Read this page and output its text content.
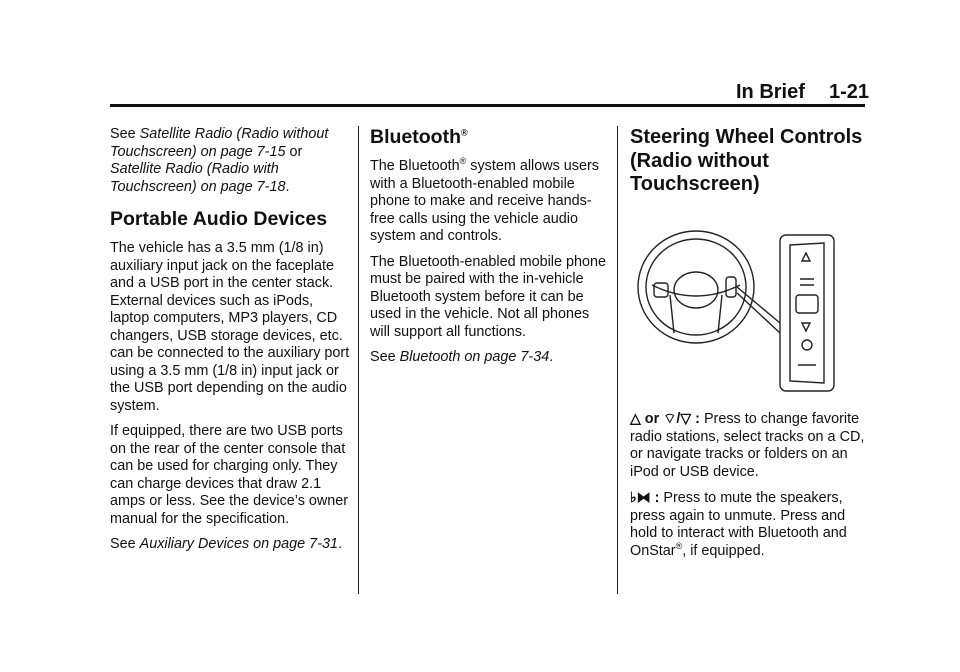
In Brief 1-21

See Satellite Radio (Radio without Touchscreen) on page 7-15 or Satellite Radio (Radio with Touchscreen) on page 7-18.

Portable Audio Devices

The vehicle has a 3.5 mm (1/8 in) auxiliary input jack on the faceplate and a USB port in the center stack. External devices such as iPods, laptop computers, MP3 players, CD changers, USB storage devices, etc. can be connected to the auxiliary port using a 3.5 mm (1/8 in) input jack or the USB port depending on the audio system.

If equipped, there are two USB ports on the rear of the center console that can be used for charging only. They can charge devices that draw 2.1 amps or less. See the device’s owner manual for the specification.

See Auxiliary Devices on page 7-31.

Bluetooth®

The Bluetooth® system allows users with a Bluetooth-enabled mobile phone to make and receive hands-free calls using the vehicle audio system and controls.

The Bluetooth-enabled mobile phone must be paired with the in-vehicle Bluetooth system before it can be used in the vehicle. Not all phones will support all functions.

See Bluetooth on page 7-34.

Steering Wheel Controls (Radio without Touchscreen)

△ or ⌔/▽ : Press to change favorite radio stations, select tracks on a CD, or navigate tracks or folders on an iPod or USB device.

♭⧓ : Press to mute the speakers, press again to unmute. Press and hold to interact with Bluetooth and OnStar®, if equipped.
